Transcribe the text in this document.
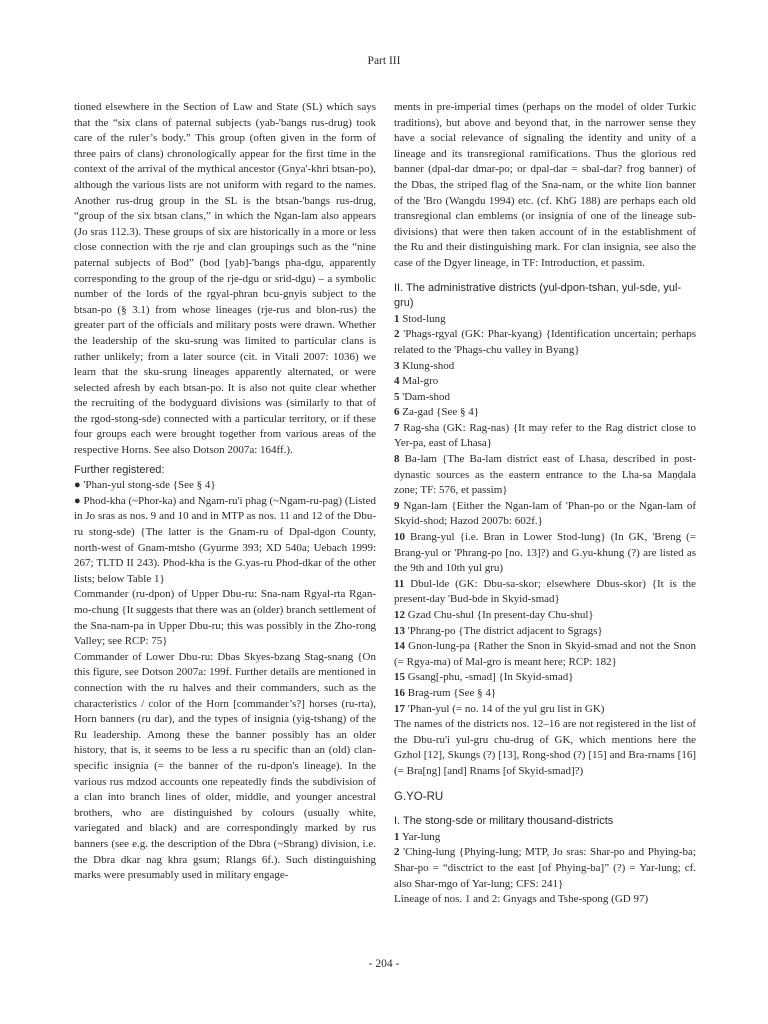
Part III

tioned elsewhere in the Section of Law and State (SL) which says that the “six clans of paternal subjects (yab-'bangs rus-drug) took care of the ruler’s body.” This group (often given in the form of three pairs of clans) chronologically appear for the first time in the context of the arrival of the mythical ancestor (Gnya'-khri btsan-po), although the various lists are not uniform with regard to the names. Another rus-drug group in the SL is the btsan-'bangs rus-drug, “group of the six btsan clans,” in which the Ngan-lam also appears (Jo sras 112.3). These groups of six are historically in a more or less close connection with the rje and clan groupings such as the “nine paternal subjects of Bod” (bod [yab]-'bangs pha-dgu, apparently corresponding to the group of the rje-dgu or srid-dgu) – a symbolic number of the lords of the rgyal-phran bcu-gnyis subject to the btsan-po (§ 3.1) from whose lineages (rje-rus and blon-rus) the greater part of the officials and military posts were drawn. Whether the leadership of the sku-srung was limited to particular clans is rather unlikely; from a later source (cit. in Vitali 2007: 1036) we learn that the sku-srung lineages apparently alternated, or were selected afresh by each btsan-po. It is also not quite clear whether the recruiting of the bodyguard divisions was (similarly to that of the rgod-stong-sde) connected with a particular territory, or if these four groups each were brought together from various areas of the respective Horns. See also Dotson 2007a: 164ff.).

Further registered:

● 'Phan-yul stong-sde {See § 4}

● Phod-kha (~Phor-ka) and Ngam-ru'i phag (~Ngam-ru-pag) (Listed in Jo sras as nos. 9 and 10 and in MTP as nos. 11 and 12 of the Dbu-ru stong-sde) {The latter is the Gnam-ru of Dpal-dgon County, north-west of Gnam-mtsho (Gyurme 393; XD 540a; Uebach 1999: 267; TLTD II 243). Phod-kha is the G.yas-ru Phod-dkar of the other lists; below Table 1}

Commander (ru-dpon) of Upper Dbu-ru: Sna-nam Rgyal-rta Rgan-mo-chung {It suggests that there was an (older) branch settlement of the Sna-nam-pa in Upper Dbu-ru; this was possibly in the Zho-rong Valley; see RCP: 75}

Commander of Lower Dbu-ru: Dbas Skyes-bzang Stag-snang {On this figure, see Dotson 2007a: 199f. Further details are mentioned in connection with the ru halves and their commanders, such as the characteristics / color of the Horn [commander’s?] horses (ru-rta), Horn banners (ru dar), and the types of insignia (yig-tshang) of the Ru leadership. Among these the banner possibly has an older history, that is, it seems to be less a ru specific than an (old) clan-specific insignia (= the banner of the ru-dpon's lineage). In the various rus mdzod accounts one repeatedly finds the subdivision of a clan into branch lines of older, middle, and younger ancestral brothers, who are distinguished by colours (usually white, variegated and black) and are correspondingly marked by rus banners (see e.g. the description of the Dbra (~Sbrang) division, i.e. the Dbra dkar nag khra gsum; Rlangs 6f.). Such distinguishing marks were presumably used in military engage-

ments in pre-imperial times (perhaps on the model of older Turkic traditions), but above and beyond that, in the narrower sense they have a social relevance of signaling the identity and unity of a lineage and its transregional ramifications. Thus the glorious red banner (dpal-dar dmar-po; or dpal-dar = sbal-dar? frog banner) of the Dbas, the striped flag of the Sna-nam, or the white lion banner of the 'Bro (Wangdu 1994) etc. (cf. KhG 188) are perhaps each old transregional clan emblems (or insignia of one of the lineage sub-divisions) that were then taken account of in the establishment of the Ru and their distinguishing mark. For clan insignia, see also the case of the Dgyer lineage, in TF: Introduction, et passim.

II. The administrative districts (yul-dpon-tshan, yul-sde, yul-gru)

1 Stod-lung

2 'Phags-rgyal (GK: Phar-kyang) {Identification uncertain; perhaps related to the 'Phags-chu valley in Byang}

3 Klung-shod

4 Mal-gro

5 'Dam-shod

6 Za-gad {See § 4}

7 Rag-sha (GK: Rag-nas) {It may refer to the Rag district close to Yer-pa, east of Lhasa}

8 Ba-lam {The Ba-lam district east of Lhasa, described in post-dynastic sources as the eastern entrance to the Lha-sa Maṇḍala zone; TF: 576, et passim}

9 Ngan-lam {Either the Ngan-lam of 'Phan-po or the Ngan-lam of Skyid-shod; Hazod 2007b: 602f.}

10 Brang-yul {i.e. Bran in Lower Stod-lung} (In GK, 'Breng (= Brang-yul or 'Phrang-po [no. 13]?) and G.yu-khung (?) are listed as the 9th and 10th yul gru)

11 Dbul-lde (GK: Dbu-sa-skor; elsewhere Dbus-skor) {It is the present-day 'Bud-bde in Skyid-smad}

12 Gzad Chu-shul {In present-day Chu-shul}

13 'Phrang-po {The district adjacent to Sgrags}

14 Gnon-lung-pa {Rather the Snon in Skyid-smad and not the Snon (= Rgya-ma) of Mal-gro is meant here; RCP: 182}

15 Gsang[-phu, -smad] {In Skyid-smad}

16 Brag-rum {See § 4}

17 'Phan-yul (= no. 14 of the yul gru list in GK)

The names of the districts nos. 12–16 are not registered in the list of the Dbu-ru'i yul-gru chu-drug of GK, which mentions here the Gzhol [12], Skungs (?) [13], Rong-shod (?) [15] and Bra-rnams [16] (= Bra[ng] [and] Rnams [of Skyid-smad]?)

G.YO-RU
I. The stong-sde or military thousand-districts

1 Yar-lung

2 'Ching-lung {Phying-lung; MTP, Jo sras: Shar-po and Phying-ba; Shar-po = “disctrict to the east [of Phying-ba]” (?) = Yar-lung; cf. also Shar-mgo of Yar-lung; CFS: 241}

Lineage of nos. 1 and 2: Gnyags and Tshe-spong (GD 97)

- 204 -
